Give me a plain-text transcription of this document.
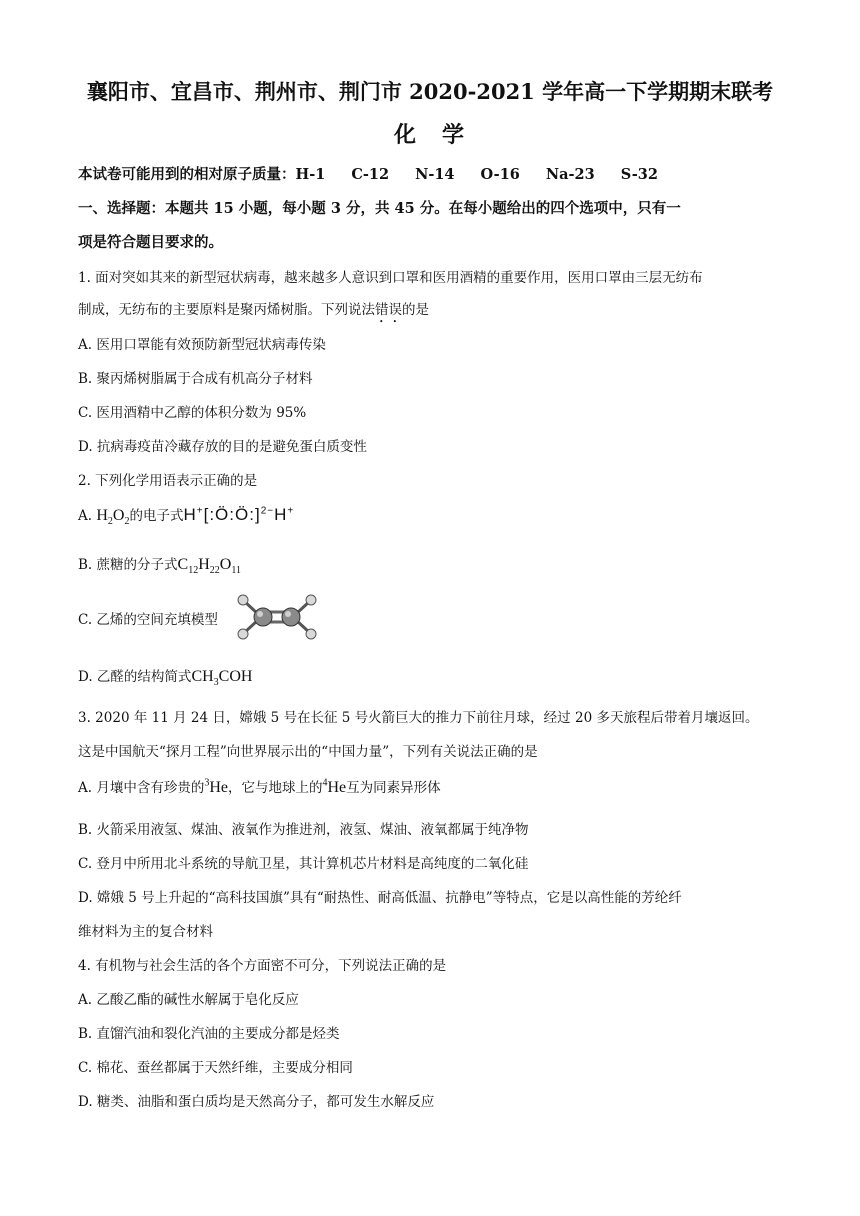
襄阳市、宜昌市、荆州市、荆门市 2020-2021 学年高一下学期期末联考
化　学
本试卷可能用到的相对原子质量：H-1 C-12 N-14 O-16 Na-23 S-32
一、选择题：本题共 15 小题，每小题 3 分，共 45 分。在每小题给出的四个选项中，只有一
项是符合题目要求的。
1. 面对突如其来的新型冠状病毒，越来越多人意识到口罩和医用酒精的重要作用，医用口罩由三层无纺布
制成，无纺布的主要原料是聚丙烯树脂。下列说法错误的是
A. 医用口罩能有效预防新型冠状病毒传染
B. 聚丙烯树脂属于合成有机高分子材料
C. 医用酒精中乙醇的体积分数为 95%
D. 抗病毒疫苗冷藏存放的目的是避免蛋白质变性
2. 下列化学用语表示正确的是
A. $H_2O_2$的电子式H+[:Ö:Ö:]$^{2-}$H+
B. 蔗糖的分子式$C_{12}H_{22}O_{11}$
C. 乙烯的空间充填模型
D. 乙醛的结构简式$CH_3COH$
3. 2020 年 11 月 24 日，嫦娥 5 号在长征 5 号火箭巨大的推力下前往月球，经过 20 多天旅程后带着月壤返回。
这是中国航天“探月工程”向世界展示出的“中国力量”，下列有关说法正确的是
A. 月壤中含有珍贵的$^3$He，它与地球上的$^4$He互为同素异形体
B. 火箭采用液氢、煤油、液氧作为推进剂，液氢、煤油、液氧都属于纯净物
C. 登月中所用北斗系统的导航卫星，其计算机芯片材料是高纯度的二氧化硅
D. 嫦娥 5 号上升起的“高科技国旗”具有“耐热性、耐高低温、抗静电”等特点，它是以高性能的芳纶纤
维材料为主的复合材料
4. 有机物与社会生活的各个方面密不可分，下列说法正确的是
A. 乙酸乙酯的碱性水解属于皂化反应
B. 直馏汽油和裂化汽油的主要成分都是烃类
C. 棉花、蚕丝都属于天然纤维，主要成分相同
D. 糖类、油脂和蛋白质均是天然高分子，都可发生水解反应
